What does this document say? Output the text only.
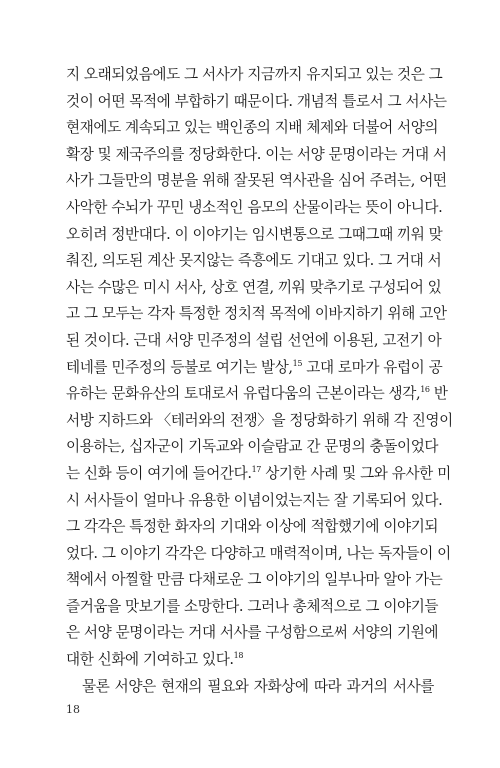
지 오래되었음에도 그 서사가 지금까지 유지되고 있는 것은 그
것이 어떤 목적에 부합하기 때문이다. 개념적 틀로서 그 서사는
현재에도 계속되고 있는 백인종의 지배 체제와 더불어 서양의
확장 및 제국주의를 정당화한다. 이는 서양 문명이라는 거대 서
사가 그들만의 명분을 위해 잘못된 역사관을 심어 주려는, 어떤
사악한 수뇌가 꾸민 냉소적인 음모의 산물이라는 뜻이 아니다.
오히려 정반대다. 이 이야기는 임시변통으로 그때그때 끼워 맞
춰진, 의도된 계산 못지않는 즉흥에도 기대고 있다. 그 거대 서
사는 수많은 미시 서사, 상호 연결, 끼워 맞추기로 구성되어 있
고 그 모두는 각자 특정한 정치적 목적에 이바지하기 위해 고안
된 것이다. 근대 서양 민주정의 설립 선언에 이용된, 고전기 아
테네를 민주정의 등불로 여기는 발상,$^{15}$ 고대 로마가 유럽이 공
유하는 문화유산의 토대로서 유럽다움의 근본이라는 생각,$^{16}$ 반
서방 지하드와 〈테러와의 전쟁〉을 정당화하기 위해 각 진영이
이용하는, 십자군이 기독교와 이슬람교 간 문명의 충돌이었다
는 신화 등이 여기에 들어간다.$^{17}$ 상기한 사례 및 그와 유사한 미
시 서사들이 얼마나 유용한 이념이었는지는 잘 기록되어 있다.
그 각각은 특정한 화자의 기대와 이상에 적합했기에 이야기되
었다. 그 이야기 각각은 다양하고 매력적이며, 나는 독자들이 이
책에서 아찔할 만큼 다채로운 그 이야기의 일부나마 알아 가는
즐거움을 맛보기를 소망한다. 그러나 총체적으로 그 이야기들
은 서양 문명이라는 거대 서사를 구성함으로써 서양의 기원에
대한 신화에 기여하고 있다.$^{18}$
물론 서양은 현재의 필요와 자화상에 따라 과거의 서사를
18
